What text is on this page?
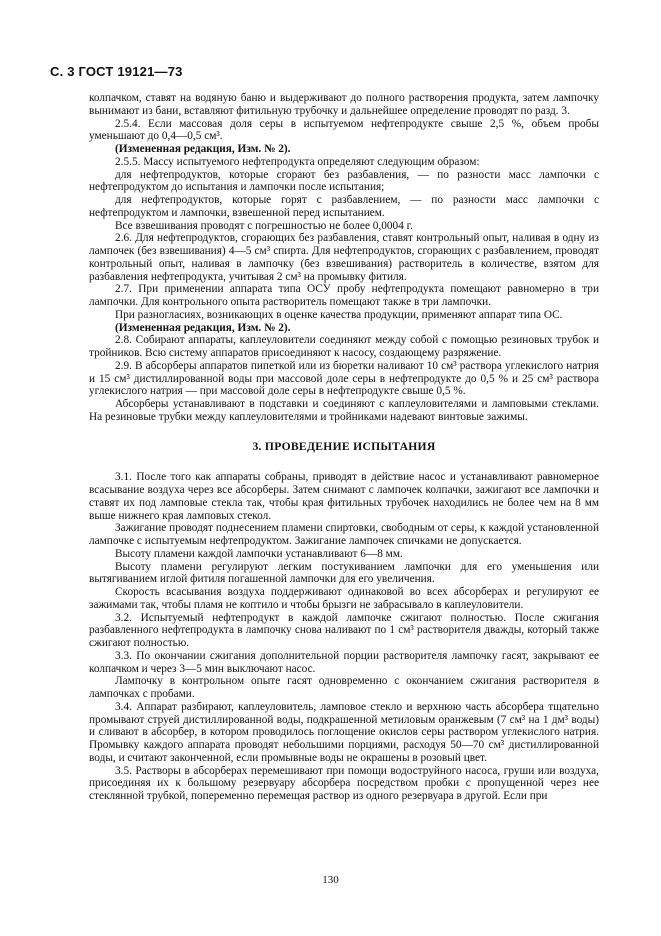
С. 3 ГОСТ 19121—73

колпачком, ставят на водяную баню и выдерживают до полного растворения продукта, затем лампочку вынимают из бани, вставляют фитильную трубочку и дальнейшее определение проводят по разд. 3.

2.5.4. Если массовая доля серы в испытуемом нефтепродукте свыше 2,5 %, объем пробы уменьшают до 0,4—0,5 см³.

(Измененная редакция, Изм. № 2).

2.5.5. Массу испытуемого нефтепродукта определяют следующим образом:

для нефтепродуктов, которые сгорают без разбавления, — по разности масс лампочки с нефтепродуктом до испытания и лампочки после испытания;

для нефтепродуктов, которые горят с разбавлением, — по разности масс лампочки с нефтепродуктом и лампочки, взвешенной перед испытанием.

Все взвешивания проводят с погрешностью не более 0,0004 г.

2.6. Для нефтепродуктов, сгорающих без разбавления, ставят контрольный опыт, наливая в одну из лампочек (без взвешивания) 4—5 см³ спирта. Для нефтепродуктов, сгорающих с разбавлением, проводят контрольный опыт, наливая в лампочку (без взвешивания) растворитель в количестве, взятом для разбавления нефтепродукта, учитывая 2 см³ на промывку фитиля.

2.7. При применении аппарата типа ОСУ пробу нефтепродукта помещают равномерно в три лампочки. Для контрольного опыта растворитель помещают также в три лампочки.

При разногласиях, возникающих в оценке качества продукции, применяют аппарат типа ОС.

(Измененная редакция, Изм. № 2).

2.8. Собирают аппараты, каплеуловители соединяют между собой с помощью резиновых трубок и тройников. Всю систему аппаратов присоединяют к насосу, создающему разряжение.

2.9. В абсорберы аппаратов пипеткой или из бюретки наливают 10 см³ раствора углекислого натрия и 15 см³ дистиллированной воды при массовой доле серы в нефтепродукте до 0,5 % и 25 см³ раствора углекислого натрия — при массовой доле серы в нефтепродукте свыше 0,5 %.

Абсорберы устанавливают в подставки и соединяют с каплеуловителями и ламповыми стеклами. На резиновые трубки между каплеуловителями и тройниками надевают винтовые зажимы.

3. ПРОВЕДЕНИЕ ИСПЫТАНИЯ

3.1. После того как аппараты собраны, приводят в действие насос и устанавливают равномерное всасывание воздуха через все абсорберы. Затем снимают с лампочек колпачки, зажигают все лампочки и ставят их под ламповые стекла так, чтобы края фитильных трубочек находились не более чем на 8 мм выше нижнего края ламповых стекол.

Зажигание проводят поднесением пламени спиртовки, свободным от серы, к каждой установленной лампочке с испытуемым нефтепродуктом. Зажигание лампочек спичками не допускается.

Высоту пламени каждой лампочки устанавливают 6—8 мм.

Высоту пламени регулируют легким постукиванием лампочки для его уменьшения или вытягиванием иглой фитиля погашенной лампочки для его увеличения.

Скорость всасывания воздуха поддерживают одинаковой во всех абсорберах и регулируют ее зажимами так, чтобы пламя не коптило и чтобы брызги не забрасывало в каплеуловители.

3.2. Испытуемый нефтепродукт в каждой лампочке сжигают полностью. После сжигания разбавленного нефтепродукта в лампочку снова наливают по 1 см³ растворителя дважды, который также сжигают полностью.

3.3. По окончании сжигания дополнительной порции растворителя лампочку гасят, закрывают ее колпачком и через 3—5 мин выключают насос.

Лампочку в контрольном опыте гасят одновременно с окончанием сжигания растворителя в лампочках с пробами.

3.4. Аппарат разбирают, каплеуловитель, ламповое стекло и верхнюю часть абсорбера тщательно промывают струей дистиллированной воды, подкрашенной метиловым оранжевым (7 см³ на 1 дм³ воды) и сливают в абсорбер, в котором проводилось поглощение окислов серы раствором углекислого натрия. Промывку каждого аппарата проводят небольшими порциями, расходуя 50—70 см³ дистиллированной воды, и считают законченной, если промывные воды не окрашены в розовый цвет.

3.5. Растворы в абсорберах перемешивают при помощи водоструйного насоса, груши или воздуха, присоединяя их к большому резервуару абсорбера посредством пробки с пропущенной через нее стеклянной трубкой, попеременно перемещая раствор из одного резервуара в другой. Если при

130
